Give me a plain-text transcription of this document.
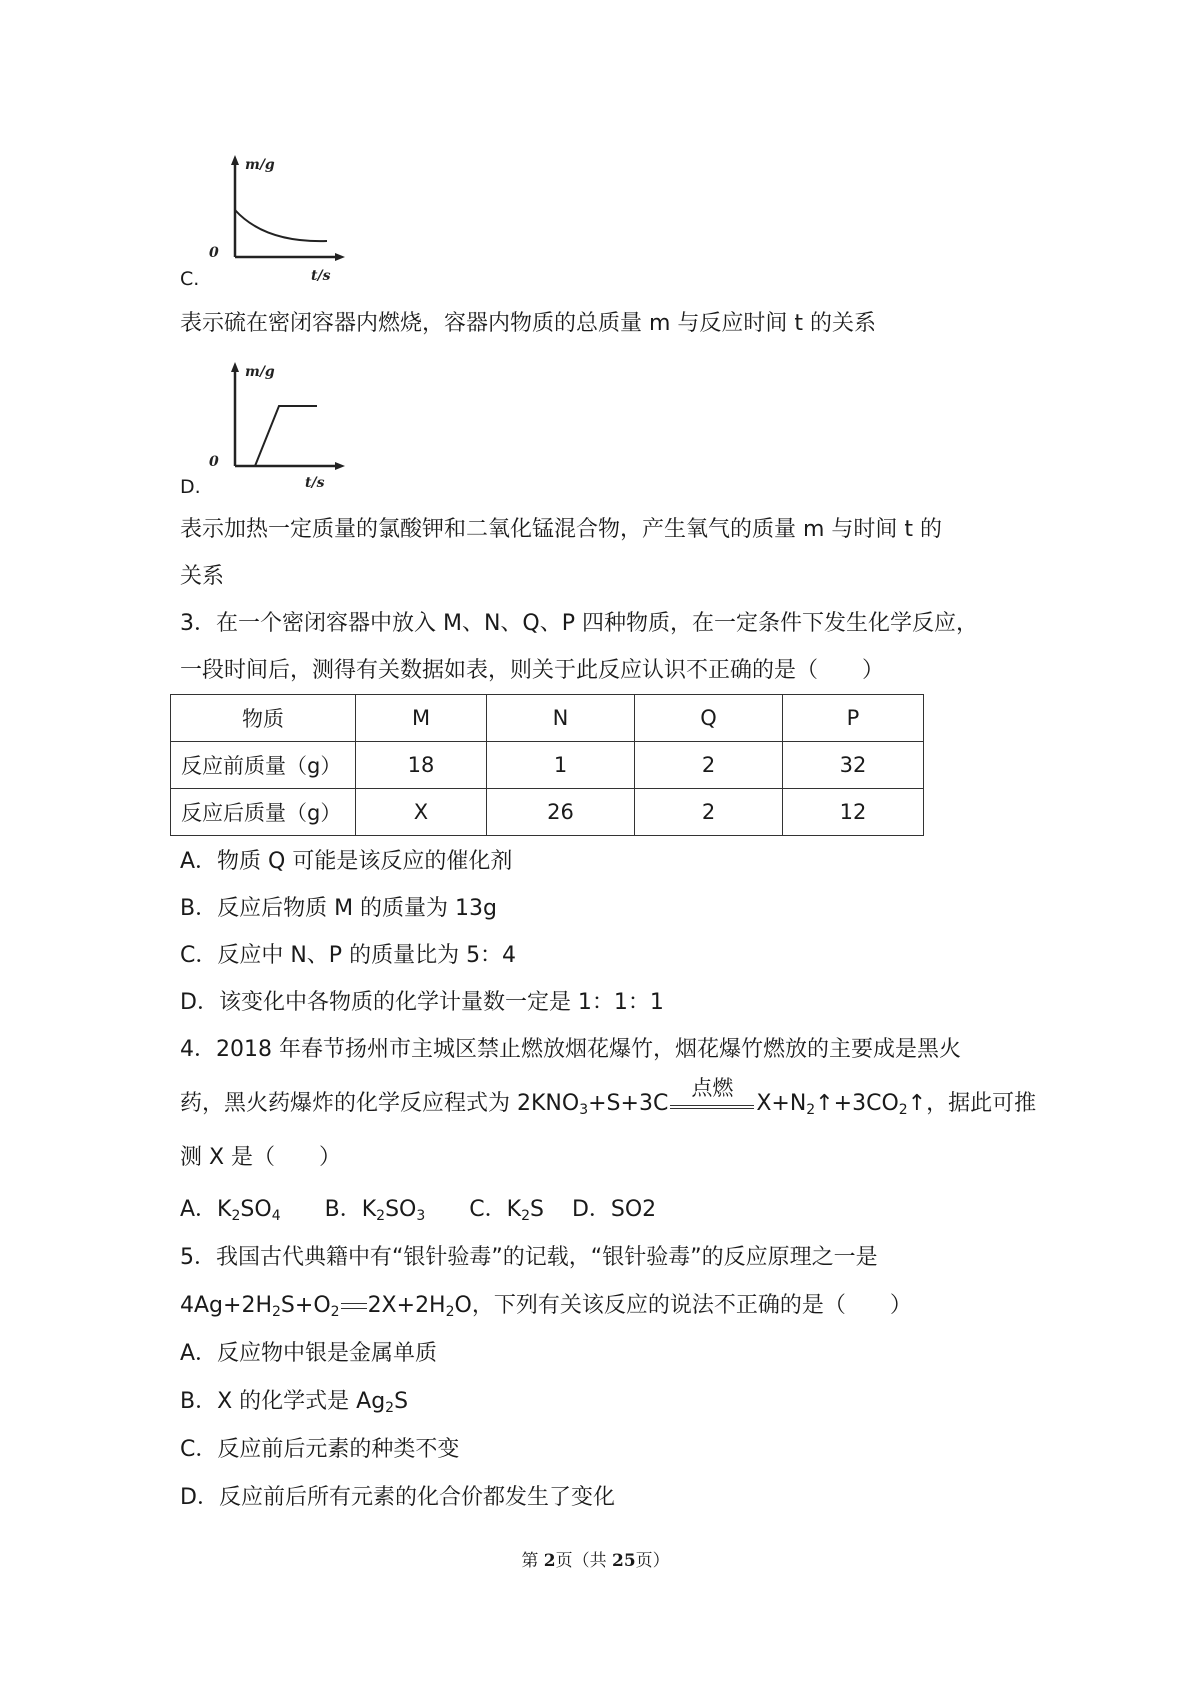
m/g
0
t/s
C.
表示硫在密闭容器内燃烧，容器内物质的总质量 m 与反应时间 t 的关系
m/g
0
t/s
D.
表示加热一定质量的氯酸钾和二氧化锰混合物，产生氧气的质量 m 与时间 t 的
关系
3．在一个密闭容器中放入 M、N、Q、P 四种物质，在一定条件下发生化学反应，
一段时间后，测得有关数据如表，则关于此反应认识不正确的是（　　）
物质	M	N	Q	P
反应前质量（g）	18	1	2	32
反应后质量（g）	X	26	2	12
A．物质 Q 可能是该反应的催化剂
B．反应后物质 M 的质量为 13g
C．反应中 N、P 的质量比为 5：4
D．该变化中各物质的化学计量数一定是 1：1：1
4．2018 年春节扬州市主城区禁止燃放烟花爆竹，烟花爆竹燃放的主要成是黑火
药，黑火药爆炸的化学反应程式为 $2KNO_3+S+3C$
点燃
$X+N_2↑+3CO_2↑$，据此可推
测 X 是（　　）
A．$K_2SO_4$ B．$K_2SO_3$ C．$K_2S$ D．SO2
5．我国古代典籍中有“银针验毒”的记载，“银针验毒”的反应原理之一是
$4Ag+2H_2S+O_2$ $2X+2H_2O$，下列有关该反应的说法不正确的是（　　）
A．反应物中银是金属单质
B．X 的化学式是 $Ag_2S$
C．反应前后元素的种类不变
D．反应前后所有元素的化合价都发生了变化
第 2页（共 25页）
